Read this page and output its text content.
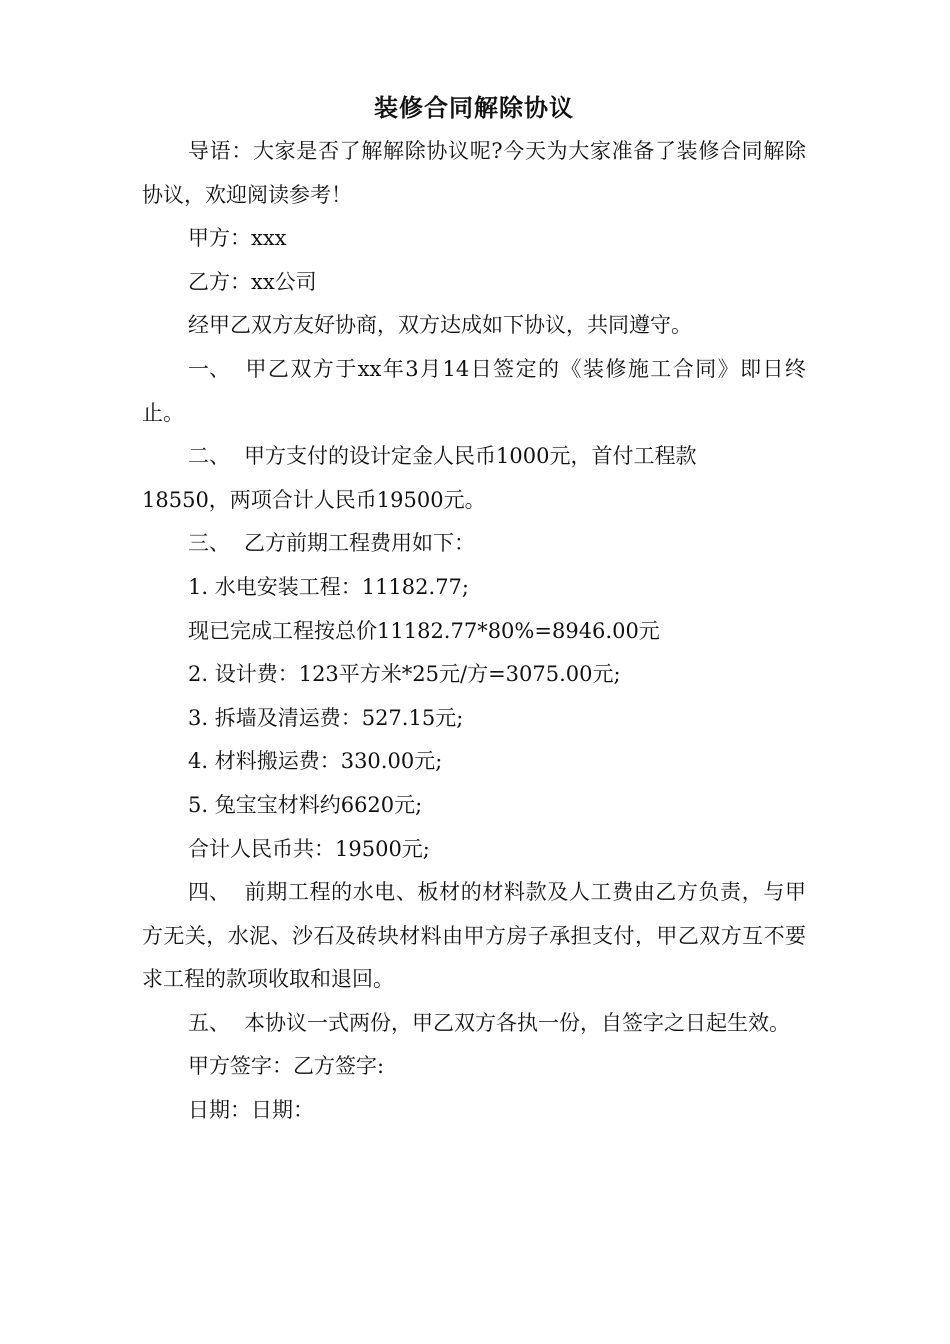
装修合同解除协议

导语：大家是否了解解除协议呢?今天为大家准备了装修合同解除协议，欢迎阅读参考！

甲方：xxx

乙方：xx公司

经甲乙双方友好协商，双方达成如下协议，共同遵守。

一、 甲乙双方于xx年3月14日签定的《装修施工合同》即日终止。

二、 甲方支付的设计定金人民币1000元，首付工程款

18550，两项合计人民币19500元。

三、 乙方前期工程费用如下：

1. 水电安装工程：11182.77;

现已完成工程按总价11182.77*80%=8946.00元

2. 设计费：123平方米*25元/方=3075.00元;

3. 拆墙及清运费：527.15元;

4. 材料搬运费：330.00元;

5. 兔宝宝材料约6620元;

合计人民币共：19500元;

四、 前期工程的水电、板材的材料款及人工费由乙方负责，与甲方无关，水泥、沙石及砖块材料由甲方房子承担支付，甲乙双方互不要求工程的款项收取和退回。

五、 本协议一式两份，甲乙双方各执一份，自签字之日起生效。

甲方签字：乙方签字:

日期：日期：
